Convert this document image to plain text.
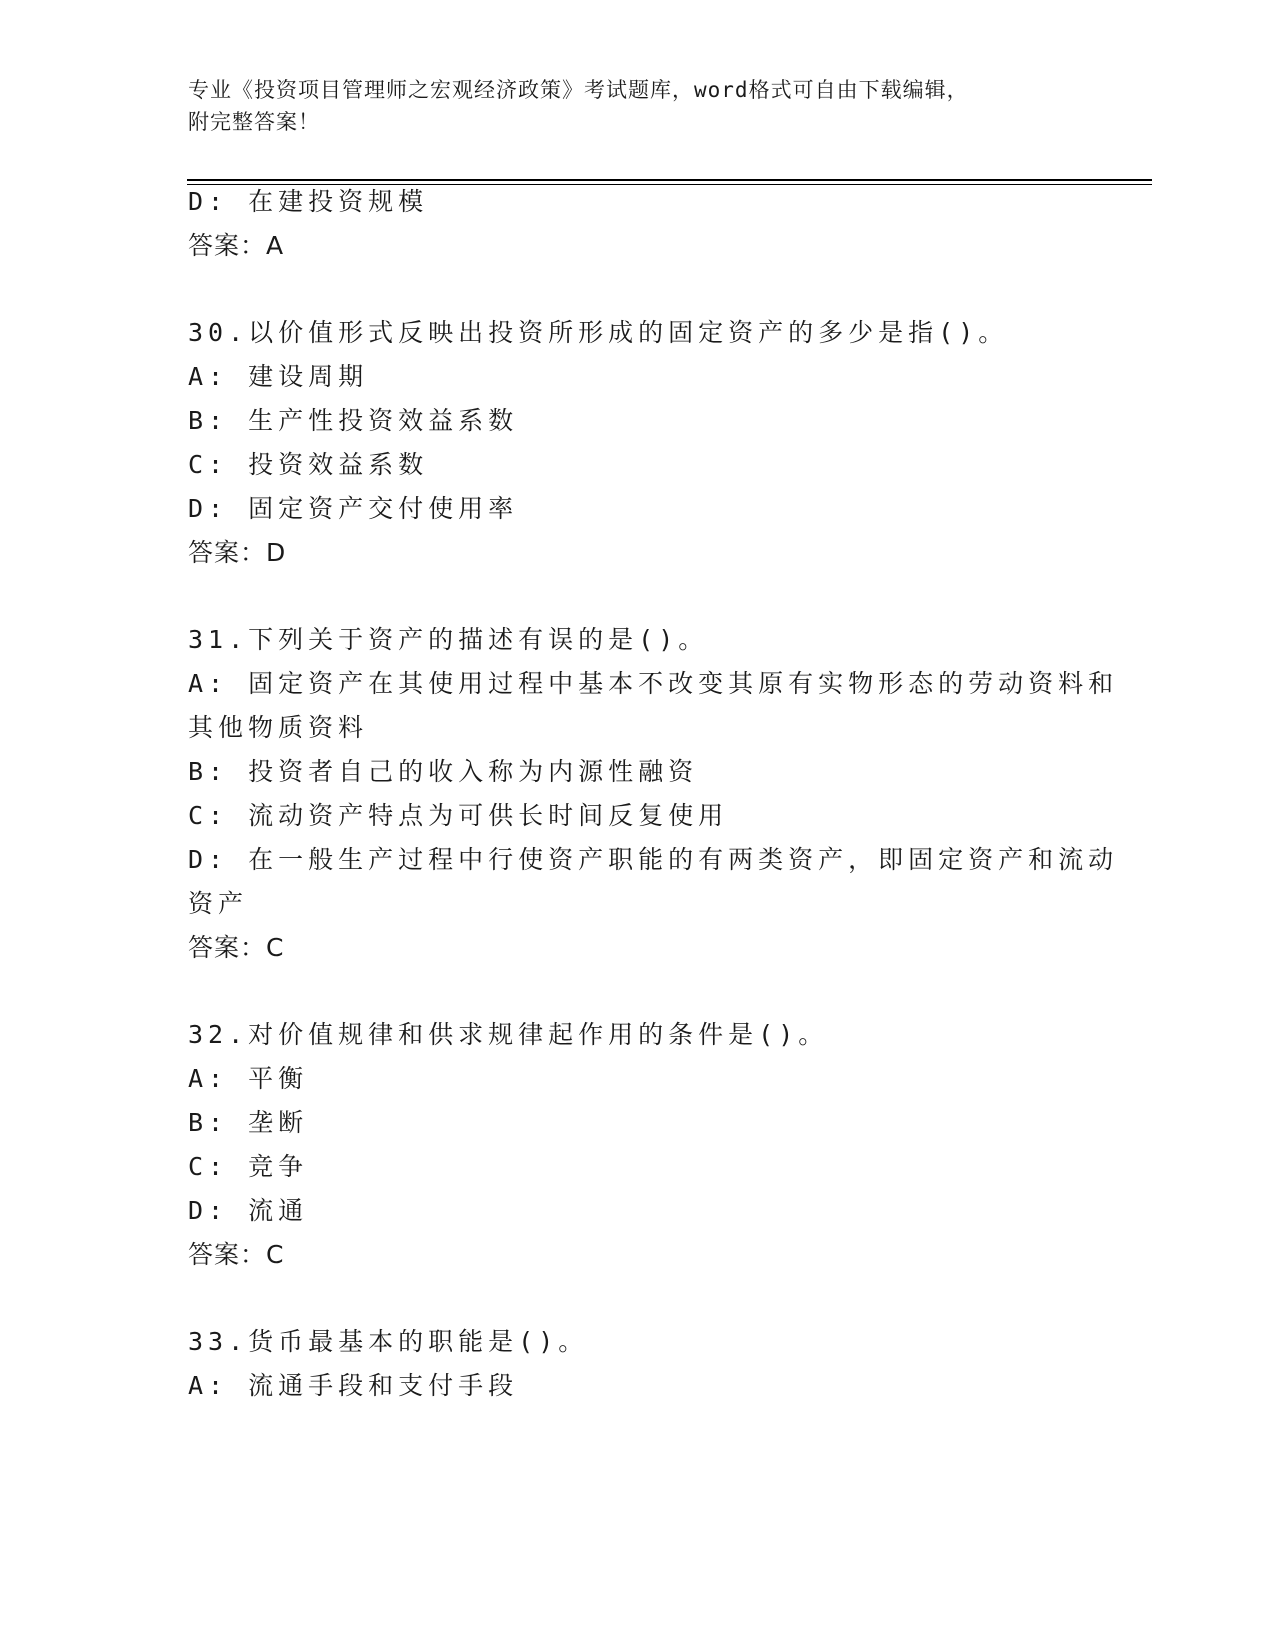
专业《投资项目管理师之宏观经济政策》考试题库，word格式可自由下载编辑，
附完整答案！
D: 在建投资规模
答案：A
30.以价值形式反映出投资所形成的固定资产的多少是指()。
A: 建设周期
B: 生产性投资效益系数
C: 投资效益系数
D: 固定资产交付使用率
答案：D
31.下列关于资产的描述有误的是()。
A: 固定资产在其使用过程中基本不改变其原有实物形态的劳动资料和
其他物质资料
B: 投资者自己的收入称为内源性融资
C: 流动资产特点为可供长时间反复使用
D: 在一般生产过程中行使资产职能的有两类资产，即固定资产和流动
资产
答案：C
32.对价值规律和供求规律起作用的条件是()。
A: 平衡
B: 垄断
C: 竞争
D: 流通
答案：C
33.货币最基本的职能是()。
A: 流通手段和支付手段
